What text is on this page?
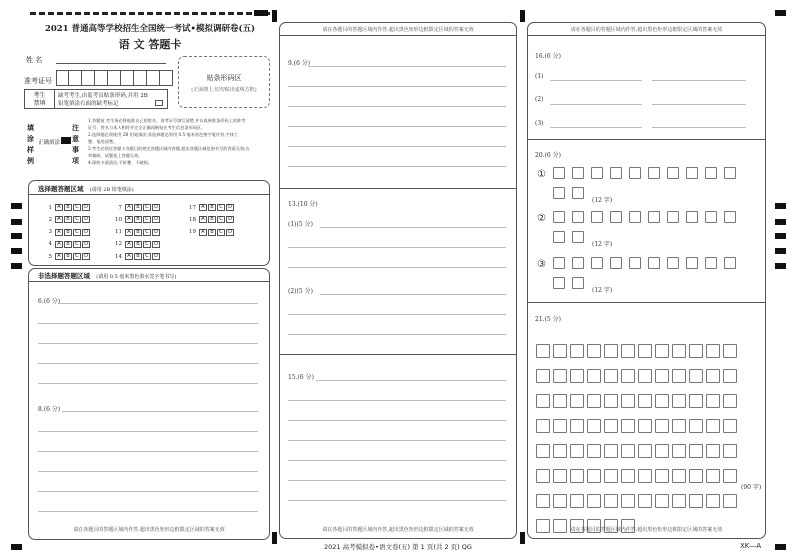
2021 普通高等学校招生全国统一考试•模拟调研卷(五)
语 文 答题卡
姓 名
准考证号
考生
禁填
缺考考生,由监考员贴条形码,并用 2B
铅笔填涂右面的缺考标记
贴条形码区
(正面朝上,切勿贴出虚线方框)
填涂样例
正确填涂
注意事项
1.答题前,考生务必将他准自己的姓名、准考证号填写清楚,并认真核准条形码上的准考
证号、姓名与本人相符并完全正确再粘贴在考生信息条形码区。
2.选择题必须使用 2B 铅笔填涂;非选择题必须用 0.5 毫米黑色签字笔作答,字体工
整、笔迹清楚。
3.考生必须在答题卡各题目的规定答题区域内答题,超出答题区域范围书写的答案无效;在
草稿纸、试题卷上答题无效。
4.保持卡面清洁,不折叠、不破损。
选择题答题区域 (请用 2B 铅笔填涂)
1	A	B	C	D
2	A	B	C	D
3	A	B	C	D
4	A	B	C	D
5	A	B	C	D
7	A	B	C	D
10	A	B	C	D
11	A	B	C	D
12	A	B	C	D
14	A	B	C	D
17	A	B	C	D
18	A	B	C	D
19	A	B	C	D
非选择题答题区域 (请用 0.5 毫米黑色墨水签字笔书写)
6.(6 分)
8.(6 分)
请在各题目的答题区域内作答,超出黑色矩形边框限定区域的答案无效
请在各题目的答题区域内作答,超出黑色矩形边框限定区域的答案无效
9.(6 分)
13.(10 分)
(1)(5 分)
(2)(5 分)
15.(6 分)
请在各题目的答题区域内作答,超出黑色矩形边框限定区域的答案无效
请在各题目的答题区域内作答,超出黑色矩形边框限定区域的答案无效
16.(6 分)
(1)
(2)
(3)
20.(6 分)
①
(12 字)
②
(12 字)
③
(12 字)
21.(5 分)
(90 字)
请在各题目的答题区域内作答,超出黑色矩形边框限定区域的答案无效
2021 高考模拟卷•语文卷(五) 第 1 页(共 2 页) QG	XK—A
